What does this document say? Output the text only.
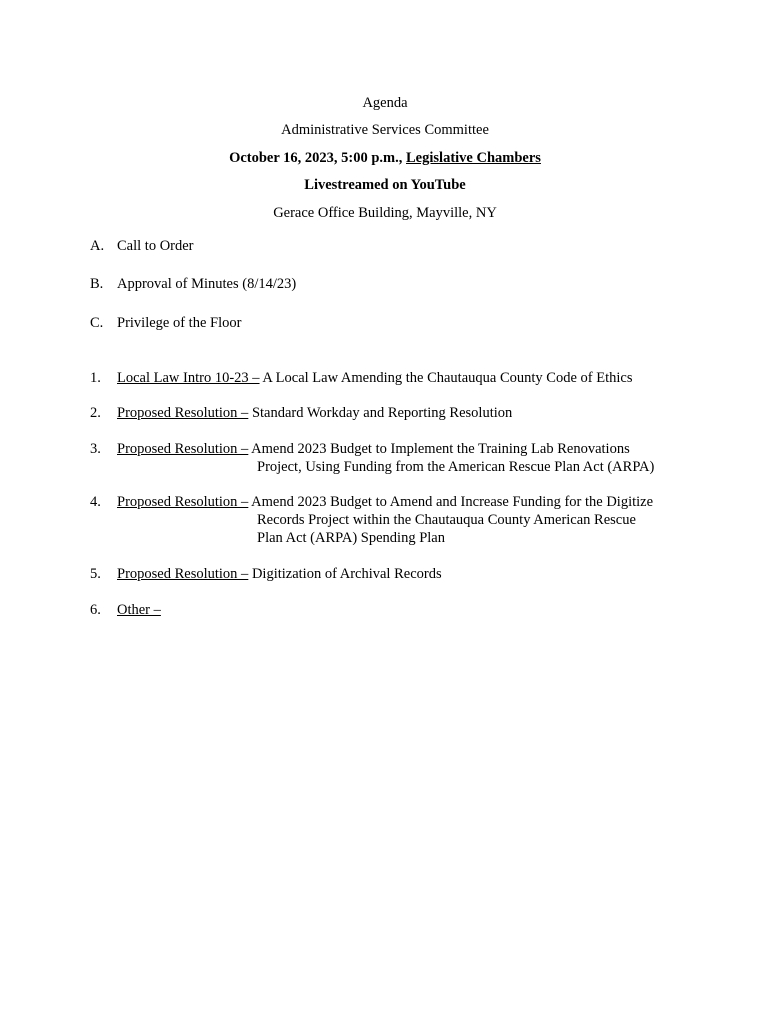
Agenda
Administrative Services Committee
October 16, 2023, 5:00 p.m., Legislative Chambers
Livestreamed on YouTube
Gerace Office Building, Mayville, NY
A. Call to Order
B. Approval of Minutes (8/14/23)
C. Privilege of the Floor
1.	Local Law Intro 10-23 – A Local Law Amending the Chautauqua County Code of Ethics
2.	Proposed Resolution – Standard Workday and Reporting Resolution
3.	Proposed Resolution – Amend 2023 Budget to Implement the Training Lab Renovations
Project, Using Funding from the American Rescue Plan Act (ARPA)
4.	Proposed Resolution – Amend 2023 Budget to Amend and Increase Funding for the Digitize
Records Project within the Chautauqua County American Rescue
Plan Act (ARPA) Spending Plan
5.	Proposed Resolution – Digitization of Archival Records
6.	Other –
